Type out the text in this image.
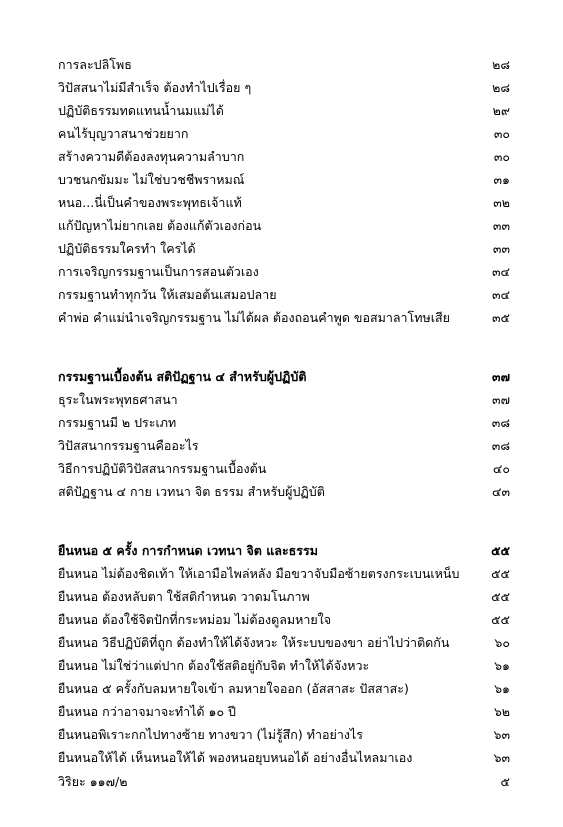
การละปลิโพธ	๒๘
วิปัสสนาไม่มีสำเร็จ ต้องทำไปเรื่อย ๆ	๒๘
ปฏิบัติธรรมทดแทนน้ำนมแม่ได้	๒๙
คนไร้บุญวาสนาช่วยยาก	๓๐
สร้างความดีต้องลงทุนความลำบาก	๓๐
บวชนกขัมมะ ไม่ใช่บวชชีพราหมณ์	๓๑
หนอ...นี่เป็นคำของพระพุทธเจ้าแท้	๓๒
แก้ปัญหาไม่ยากเลย ต้องแก้ตัวเองก่อน	๓๓
ปฏิบัติธรรมใครทำ ใครได้	๓๓
การเจริญกรรมฐานเป็นการสอนตัวเอง	๓๔
กรรมฐานทำทุกวัน ให้เสมอต้นเสมอปลาย	๓๔
คำพ่อ คำแม่นำเจริญกรรมฐาน ไม่ได้ผล ต้องถอนคำพูด ขอสมาลาโทษเสีย	๓๕
กรรมฐานเบื้องต้น สติปัฏฐาน ๔ สำหรับผู้ปฏิบัติ	๓๗
ธุระในพระพุทธศาสนา	๓๗
กรรมฐานมี ๒ ประเภท	๓๘
วิปัสสนากรรมฐานคืออะไร	๓๘
วิธีการปฏิบัติวิปัสสนากรรมฐานเบื้องต้น	๔๐
สติปัฏฐาน ๔ กาย เวทนา จิต ธรรม สำหรับผู้ปฏิบัติ	๔๓
ยืนหนอ ๕ ครั้ง การกำหนด เวทนา จิต และธรรม	๕๕
ยืนหนอ ไม่ต้องชิดเท้า ให้เอามือไพล่หลัง มือขวาจับมือซ้ายตรงกระเบนเหน็บ	๕๕
ยืนหนอ ต้องหลับตา ใช้สติกำหนด วาดมโนภาพ	๕๕
ยืนหนอ ต้องใช้จิตปักที่กระหม่อม ไม่ต้องดูลมหายใจ	๕๕
ยืนหนอ วิธีปฏิบัติที่ถูก ต้องทำให้ได้จังหวะ ให้ระบบของขา อย่าไปว่าติดกัน	๖๐
ยืนหนอ ไม่ใช่ว่าแต่ปาก ต้องใช้สติอยู่กับจิต ทำให้ได้จังหวะ	๖๑
ยืนหนอ ๕ ครั้งกับลมหายใจเข้า ลมหายใจออก (อัสสาสะ ปัสสาสะ)	๖๑
ยืนหนอ กว่าอาจมาจะทำได้ ๑๐ ปี	๖๒
ยืนหนอพิเราะกกไปทางซ้าย ทางขวา (ไม่รู้สึก) ทำอย่างไร	๖๓
ยืนหนอให้ได้ เห็นหนอให้ได้ พองหนอยุบหนอได้ อย่างอื่นไหลมาเอง	๖๓
วิริยะ ๑๑๗/๒	๕
